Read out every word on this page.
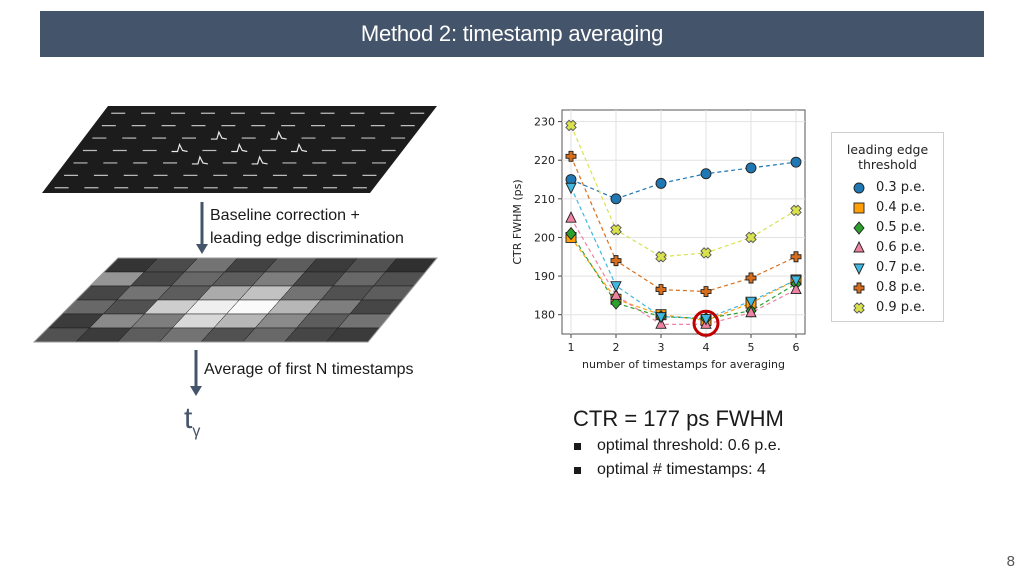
Method 2: timestamp averaging
Baseline correction +
leading edge discrimination
Average of first N timestamps
$t_\gamma$
1	2	3	4	5	6
180
190
200
210
220
230
number of timestamps for averaging
CTR FWHM (ps)
leading edge threshold
0.3 p.e.
0.4 p.e.
0.5 p.e.
0.6 p.e.
0.7 p.e.
0.8 p.e.
0.9 p.e.
CTR = 177 ps FWHM
optimal threshold: 0.6 p.e.
optimal # timestamps: 4
8
